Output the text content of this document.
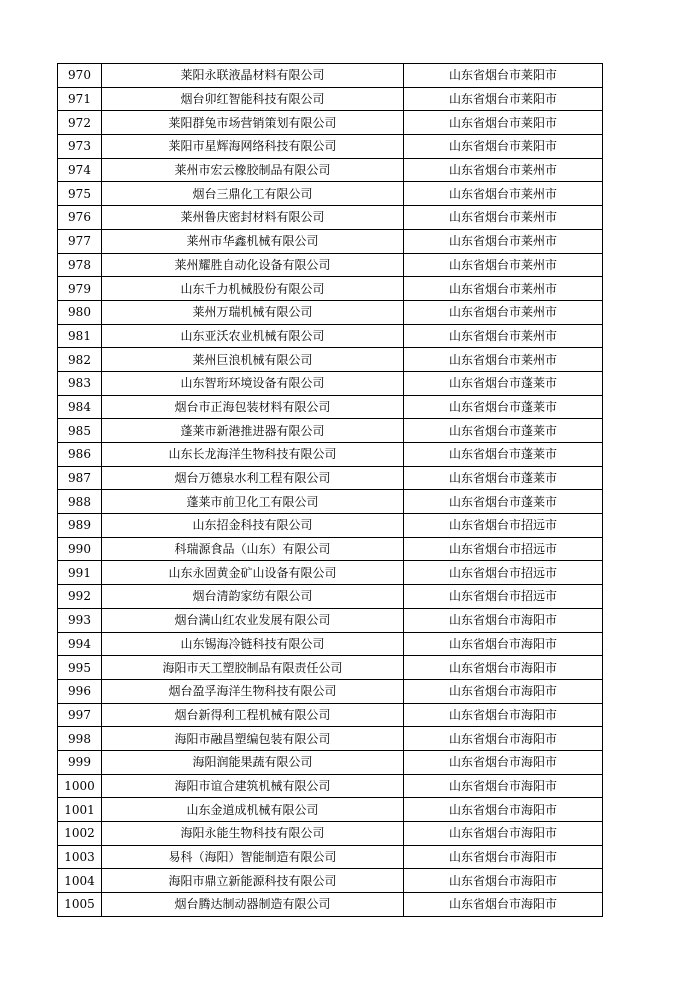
970	莱阳永联液晶材料有限公司	山东省烟台市莱阳市
971	烟台卯红智能科技有限公司	山东省烟台市莱阳市
972	莱阳群兔市场营销策划有限公司	山东省烟台市莱阳市
973	莱阳市星辉海网络科技有限公司	山东省烟台市莱阳市
974	莱州市宏云橡胶制品有限公司	山东省烟台市莱州市
975	烟台三鼎化工有限公司	山东省烟台市莱州市
976	莱州鲁庆密封材料有限公司	山东省烟台市莱州市
977	莱州市华鑫机械有限公司	山东省烟台市莱州市
978	莱州耀胜自动化设备有限公司	山东省烟台市莱州市
979	山东千力机械股份有限公司	山东省烟台市莱州市
980	莱州万瑞机械有限公司	山东省烟台市莱州市
981	山东亚沃农业机械有限公司	山东省烟台市莱州市
982	莱州巨浪机械有限公司	山东省烟台市莱州市
983	山东智珩环境设备有限公司	山东省烟台市蓬莱市
984	烟台市正海包装材料有限公司	山东省烟台市蓬莱市
985	蓬莱市新港推进器有限公司	山东省烟台市蓬莱市
986	山东长龙海洋生物科技有限公司	山东省烟台市蓬莱市
987	烟台万德泉水利工程有限公司	山东省烟台市蓬莱市
988	蓬莱市前卫化工有限公司	山东省烟台市蓬莱市
989	山东招金科技有限公司	山东省烟台市招远市
990	科瑞源食品（山东）有限公司	山东省烟台市招远市
991	山东永固黄金矿山设备有限公司	山东省烟台市招远市
992	烟台清韵家纺有限公司	山东省烟台市招远市
993	烟台满山红农业发展有限公司	山东省烟台市海阳市
994	山东锡海冷链科技有限公司	山东省烟台市海阳市
995	海阳市天工塑胶制品有限责任公司	山东省烟台市海阳市
996	烟台盈孚海洋生物科技有限公司	山东省烟台市海阳市
997	烟台新得利工程机械有限公司	山东省烟台市海阳市
998	海阳市融昌塑编包装有限公司	山东省烟台市海阳市
999	海阳润能果蔬有限公司	山东省烟台市海阳市
1000	海阳市谊合建筑机械有限公司	山东省烟台市海阳市
1001	山东金道成机械有限公司	山东省烟台市海阳市
1002	海阳永能生物科技有限公司	山东省烟台市海阳市
1003	易科（海阳）智能制造有限公司	山东省烟台市海阳市
1004	海阳市鼎立新能源科技有限公司	山东省烟台市海阳市
1005	烟台腾达制动器制造有限公司	山东省烟台市海阳市
